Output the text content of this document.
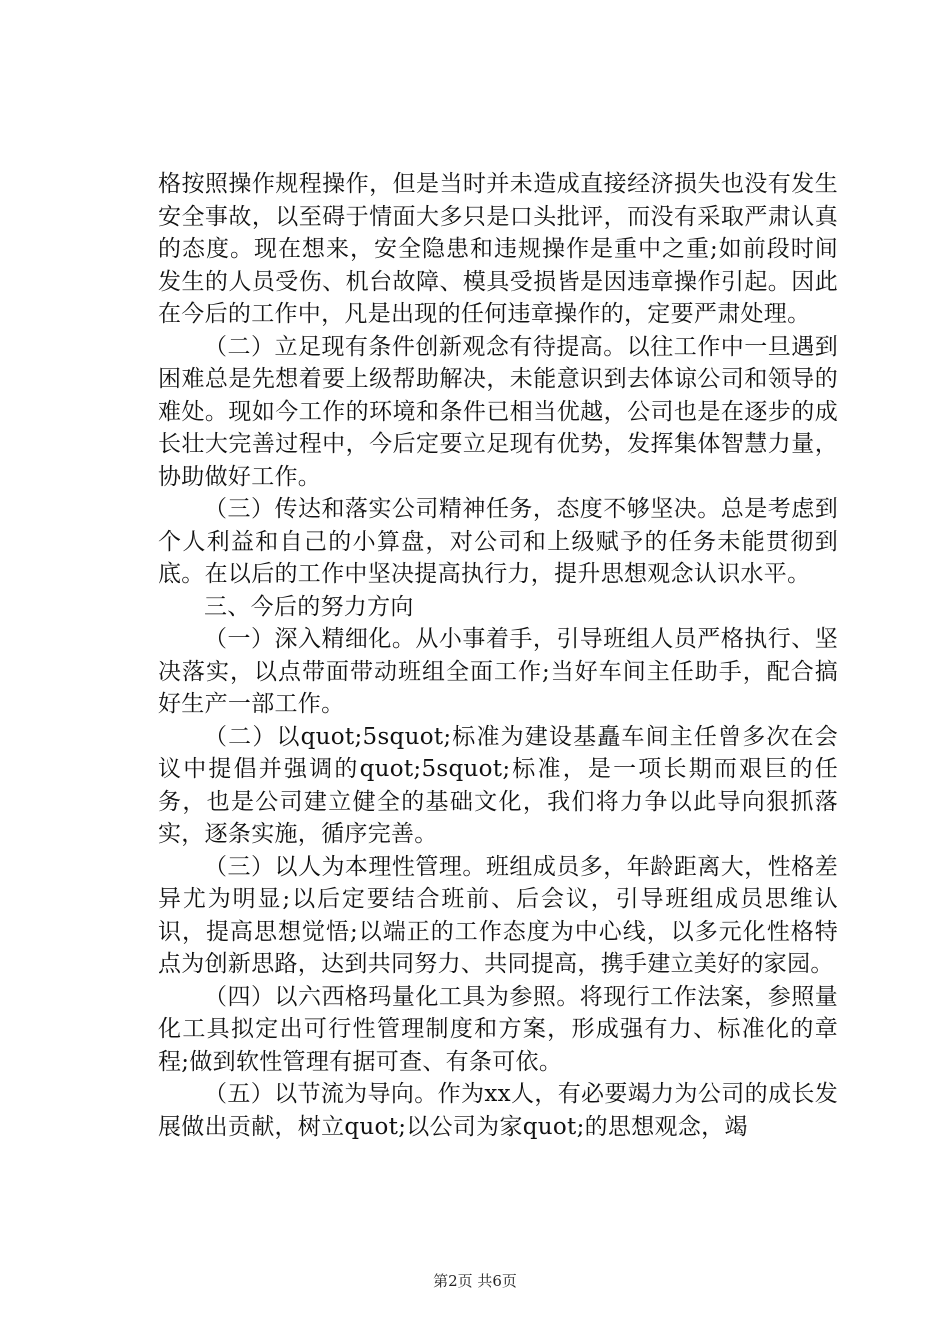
格按照操作规程操作，但是当时并未造成直接经济损失也没有发生安全事故，以至碍于情面大多只是口头批评，而没有采取严肃认真的态度。现在想来，安全隐患和违规操作是重中之重;如前段时间发生的人员受伤、机台故障、模具受损皆是因违章操作引起。因此在今后的工作中，凡是出现的任何违章操作的，定要严肃处理。

（二）立足现有条件创新观念有待提高。以往工作中一旦遇到困难总是先想着要上级帮助解决，未能意识到去体谅公司和领导的难处。现如今工作的环境和条件已相当优越，公司也是在逐步的成长壮大完善过程中，今后定要立足现有优势，发挥集体智慧力量，协助做好工作。

（三）传达和落实公司精神任务，态度不够坚决。总是考虑到个人利益和自己的小算盘，对公司和上级赋予的任务未能贯彻到底。在以后的工作中坚决提高执行力，提升思想观念认识水平。

三、今后的努力方向

（一）深入精细化。从小事着手，引导班组人员严格执行、坚决落实，以点带面带动班组全面工作;当好车间主任助手，配合搞好生产一部工作。

（二）以quot;5squot;标准为建设基矗车间主任曾多次在会议中提倡并强调的quot;5squot;标准，是一项长期而艰巨的任务，也是公司建立健全的基础文化，我们将力争以此导向狠抓落实，逐条实施，循序完善。

（三）以人为本理性管理。班组成员多，年龄距离大，性格差异尤为明显;以后定要结合班前、后会议，引导班组成员思维认识，提高思想觉悟;以端正的工作态度为中心线，以多元化性格特点为创新思路，达到共同努力、共同提高，携手建立美好的家园。

（四）以六西格玛量化工具为参照。将现行工作法案，参照量化工具拟定出可行性管理制度和方案，形成强有力、标准化的章程;做到软性管理有据可查、有条可依。

（五）以节流为导向。作为xx人，有必要竭力为公司的成长发展做出贡献，树立quot;以公司为家quot;的思想观念，竭

第2页 共6页
